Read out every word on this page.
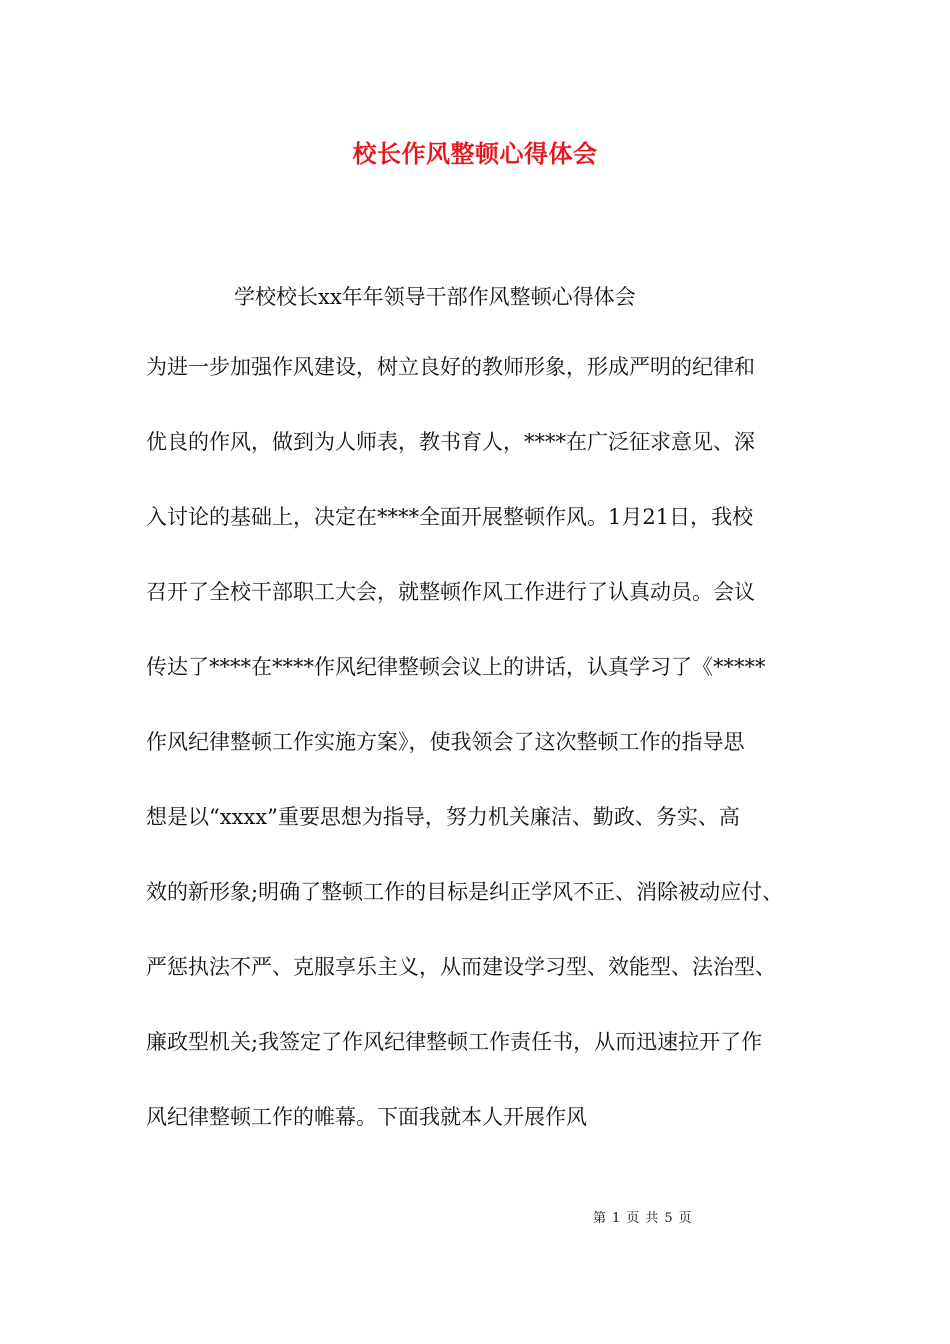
校长作风整顿心得体会
学校校长xx年年领导干部作风整顿心得体会
为进一步加强作风建设，树立良好的教师形象，形成严明的纪律和
优良的作风，做到为人师表，教书育人，****在广泛征求意见、深
入讨论的基础上，决定在****全面开展整顿作风。1月21日，我校
召开了全校干部职工大会，就整顿作风工作进行了认真动员。会议
传达了****在****作风纪律整顿会议上的讲话，认真学习了《*****
作风纪律整顿工作实施方案》，使我领会了这次整顿工作的指导思
想是以“xxxx”重要思想为指导，努力机关廉洁、勤政、务实、高
效的新形象;明确了整顿工作的目标是纠正学风不正、消除被动应付、
严惩执法不严、克服享乐主义，从而建设学习型、效能型、法治型、
廉政型机关;我签定了作风纪律整顿工作责任书，从而迅速拉开了作
风纪律整顿工作的帷幕。下面我就本人开展作风
第 1 页 共 5 页
